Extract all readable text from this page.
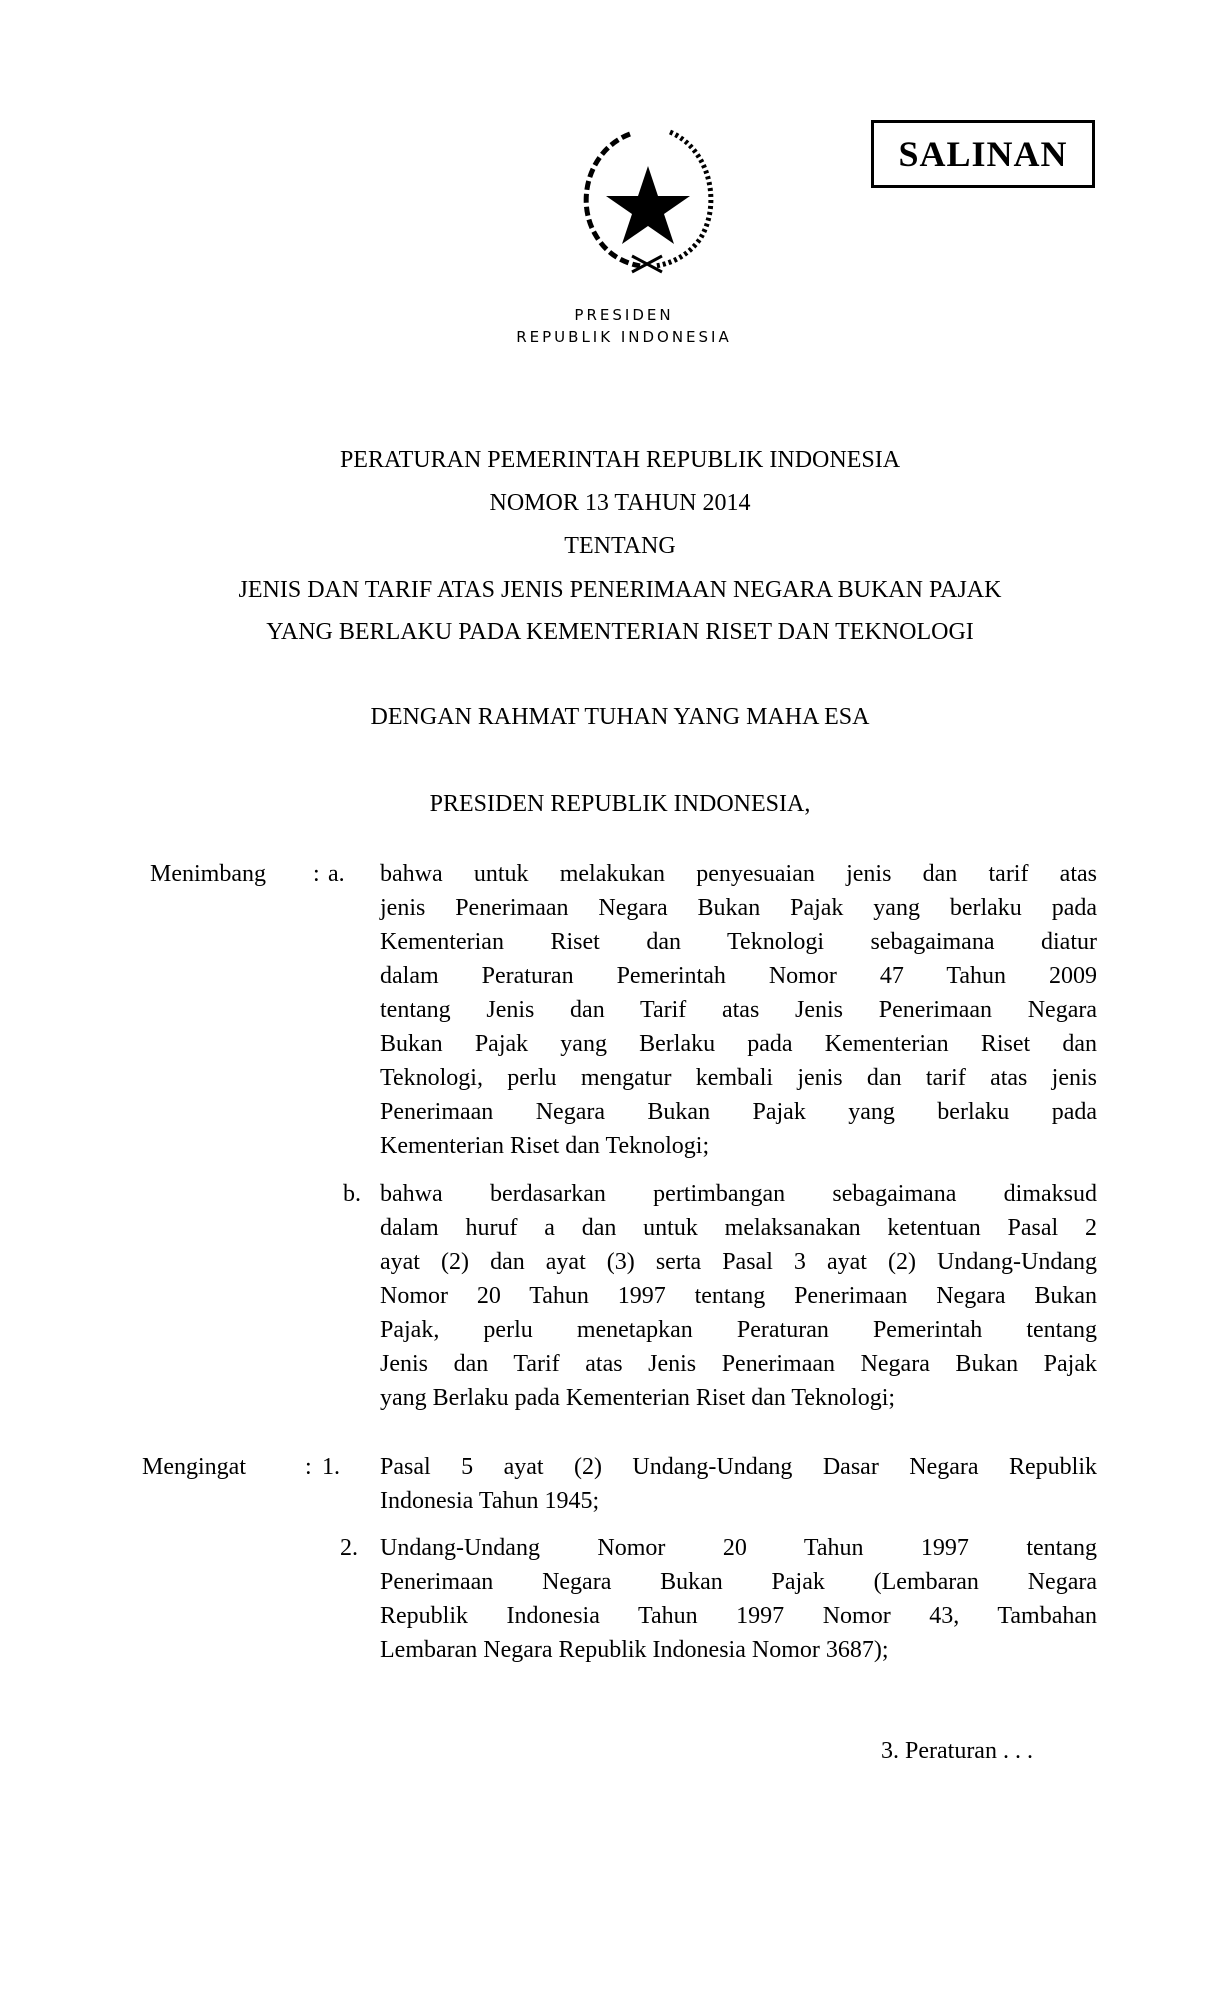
SALINAN
PRESIDEN
REPUBLIK INDONESIA
PERATURAN PEMERINTAH REPUBLIK INDONESIA
NOMOR 13 TAHUN 2014
TENTANG
JENIS DAN TARIF ATAS JENIS PENERIMAAN NEGARA BUKAN PAJAK
YANG BERLAKU PADA KEMENTERIAN RISET DAN TEKNOLOGI
DENGAN RAHMAT TUHAN YANG MAHA ESA
PRESIDEN REPUBLIK INDONESIA,
Menimbang : a. bahwa untuk melakukan penyesuaian jenis dan tarif atas
jenis Penerimaan Negara Bukan Pajak yang berlaku pada
Kementerian Riset dan Teknologi sebagaimana diatur
dalam Peraturan Pemerintah Nomor 47 Tahun 2009
tentang Jenis dan Tarif atas Jenis Penerimaan Negara
Bukan Pajak yang Berlaku pada Kementerian Riset dan
Teknologi, perlu mengatur kembali jenis dan tarif atas jenis
Penerimaan Negara Bukan Pajak yang berlaku pada
Kementerian Riset dan Teknologi;
b. bahwa berdasarkan pertimbangan sebagaimana dimaksud
dalam huruf a dan untuk melaksanakan ketentuan Pasal 2
ayat (2) dan ayat (3) serta Pasal 3 ayat (2) Undang-Undang
Nomor 20 Tahun 1997 tentang Penerimaan Negara Bukan
Pajak, perlu menetapkan Peraturan Pemerintah tentang
Jenis dan Tarif atas Jenis Penerimaan Negara Bukan Pajak
yang Berlaku pada Kementerian Riset dan Teknologi;
Mengingat : 1. Pasal 5 ayat (2) Undang-Undang Dasar Negara Republik
Indonesia Tahun 1945;
2. Undang-Undang Nomor 20 Tahun 1997 tentang
Penerimaan Negara Bukan Pajak (Lembaran Negara
Republik Indonesia Tahun 1997 Nomor 43, Tambahan
Lembaran Negara Republik Indonesia Nomor 3687);
3. Peraturan . . .
